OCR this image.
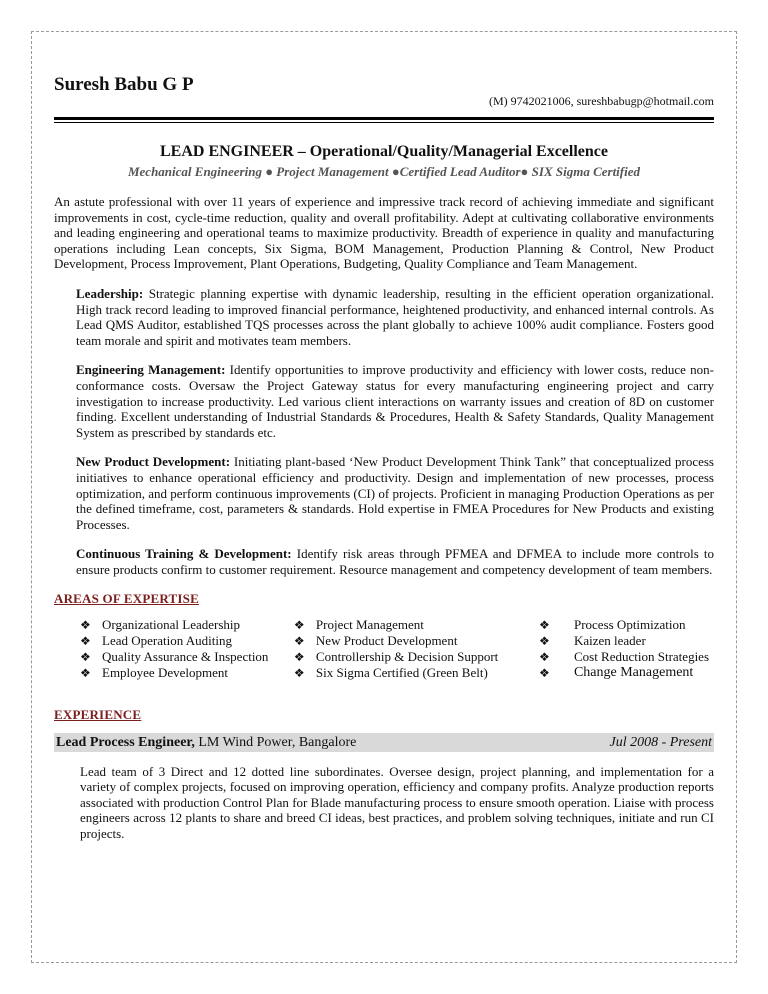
Suresh Babu G P
(M) 9742021006, sureshbabugp@hotmail.com
LEAD ENGINEER – Operational/Quality/Managerial Excellence
Mechanical Engineering ● Project Management ●Certified Lead Auditor● SIX Sigma Certified
An astute professional with over 11 years of experience and impressive track record of achieving immediate and significant improvements in cost, cycle-time reduction, quality and overall profitability. Adept at cultivating collaborative environments and leading engineering and operational teams to maximize productivity. Breadth of experience in quality and manufacturing operations including Lean concepts, Six Sigma, BOM Management, Production Planning & Control, New Product Development, Process Improvement, Plant Operations, Budgeting, Quality Compliance and Team Management.
Leadership: Strategic planning expertise with dynamic leadership, resulting in the efficient operation organizational. High track record leading to improved financial performance, heightened productivity, and enhanced internal controls. As Lead QMS Auditor, established TQS processes across the plant globally to achieve 100% audit compliance. Fosters good team morale and spirit and motivates team members.
Engineering Management: Identify opportunities to improve productivity and efficiency with lower costs, reduce non-conformance costs. Oversaw the Project Gateway status for every manufacturing engineering project and carry investigation to increase productivity. Led various client interactions on warranty issues and creation of 8D on customer finding. Excellent understanding of Industrial Standards & Procedures, Health & Safety Standards, Quality Management System as prescribed by standards etc.
New Product Development: Initiating plant-based ‘New Product Development Think Tank” that conceptualized process initiatives to enhance operational efficiency and productivity. Design and implementation of new processes, process optimization, and perform continuous improvements (CI) of projects. Proficient in managing Production Operations as per the defined timeframe, cost, parameters & standards. Hold expertise in FMEA Procedures for New Products and existing Processes.
Continuous Training & Development: Identify risk areas through PFMEA and DFMEA to include more controls to ensure products confirm to customer requirement. Resource management and competency development of team members.
AREAS OF EXPERTISE
❖ Organizational Leadership
❖ Lead Operation Auditing
❖ Quality Assurance & Inspection
❖ Employee Development
❖ Project Management
❖ New Product Development
❖ Controllership & Decision Support
❖ Six Sigma Certified (Green Belt)
❖	Process Optimization
❖	Kaizen leader
❖	Cost Reduction Strategies
❖	Change Management
EXPERIENCE
Lead Process Engineer, LM Wind Power, Bangalore	Jul 2008 - Present
Lead team of 3 Direct and 12 dotted line subordinates. Oversee design, project planning, and implementation for a variety of complex projects, focused on improving operation, efficiency and company profits. Analyze production reports associated with production Control Plan for Blade manufacturing process to ensure smooth operation. Liaise with process engineers across 12 plants to share and breed CI ideas, best practices, and problem solving techniques, initiate and run CI projects.
